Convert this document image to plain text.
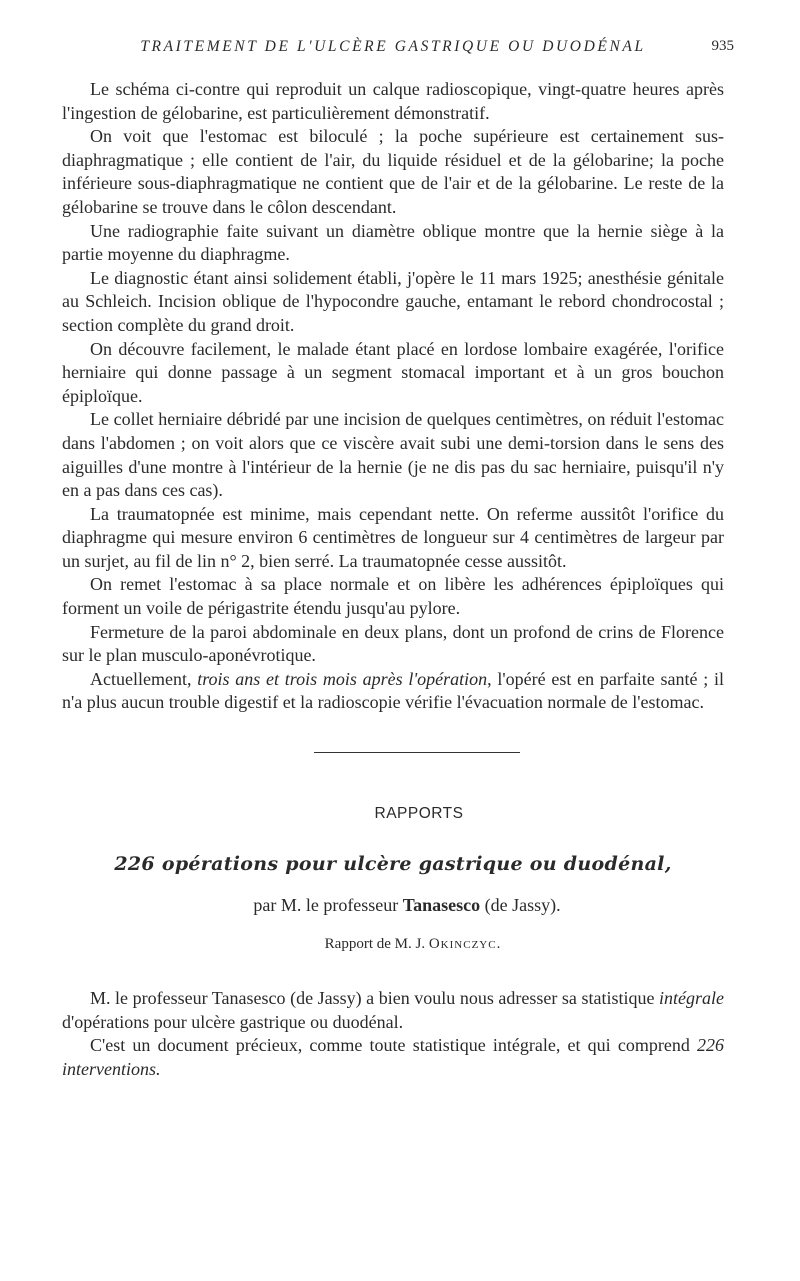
TRAITEMENT DE L'ULCÈRE GASTRIQUE OU DUODÉNAL	935

Le schéma ci-contre qui reproduit un calque radioscopique, vingt-quatre heures après l'ingestion de gélobarine, est particulièrement démonstratif.

On voit que l'estomac est biloculé ; la poche supérieure est certainement sus-diaphragmatique ; elle contient de l'air, du liquide résiduel et de la gélobarine; la poche inférieure sous-diaphragmatique ne contient que de l'air et de la gélobarine. Le reste de la gélobarine se trouve dans le côlon descendant.

Une radiographie faite suivant un diamètre oblique montre que la hernie siège à la partie moyenne du diaphragme.

Le diagnostic étant ainsi solidement établi, j'opère le 11 mars 1925; anesthésie génitale au Schleich. Incision oblique de l'hypocondre gauche, entamant le rebord chondrocostal ; section complète du grand droit.

On découvre facilement, le malade étant placé en lordose lombaire exagérée, l'orifice herniaire qui donne passage à un segment stomacal important et à un gros bouchon épiploïque.

Le collet herniaire débridé par une incision de quelques centimètres, on réduit l'estomac dans l'abdomen ; on voit alors que ce viscère avait subi une demi-torsion dans le sens des aiguilles d'une montre à l'intérieur de la hernie (je ne dis pas du sac herniaire, puisqu'il n'y en a pas dans ces cas).

La traumatopnée est minime, mais cependant nette. On referme aussitôt l'orifice du diaphragme qui mesure environ 6 centimètres de longueur sur 4 centimètres de largeur par un surjet, au fil de lin n° 2, bien serré. La traumatopnée cesse aussitôt.

On remet l'estomac à sa place normale et on libère les adhérences épiploïques qui forment un voile de périgastrite étendu jusqu'au pylore.

Fermeture de la paroi abdominale en deux plans, dont un profond de crins de Florence sur le plan musculo-aponévrotique.

Actuellement, trois ans et trois mois après l'opération, l'opéré est en parfaite santé ; il n'a plus aucun trouble digestif et la radioscopie vérifie l'évacuation normale de l'estomac.

RAPPORTS
226 opérations pour ulcère gastrique ou duodénal,
par M. le professeur Tanasesco (de Jassy).
Rapport de M. J. Okinczyc.

M. le professeur Tanasesco (de Jassy) a bien voulu nous adresser sa statistique intégrale d'opérations pour ulcère gastrique ou duodénal.

C'est un document précieux, comme toute statistique intégrale, et qui comprend 226 interventions.
